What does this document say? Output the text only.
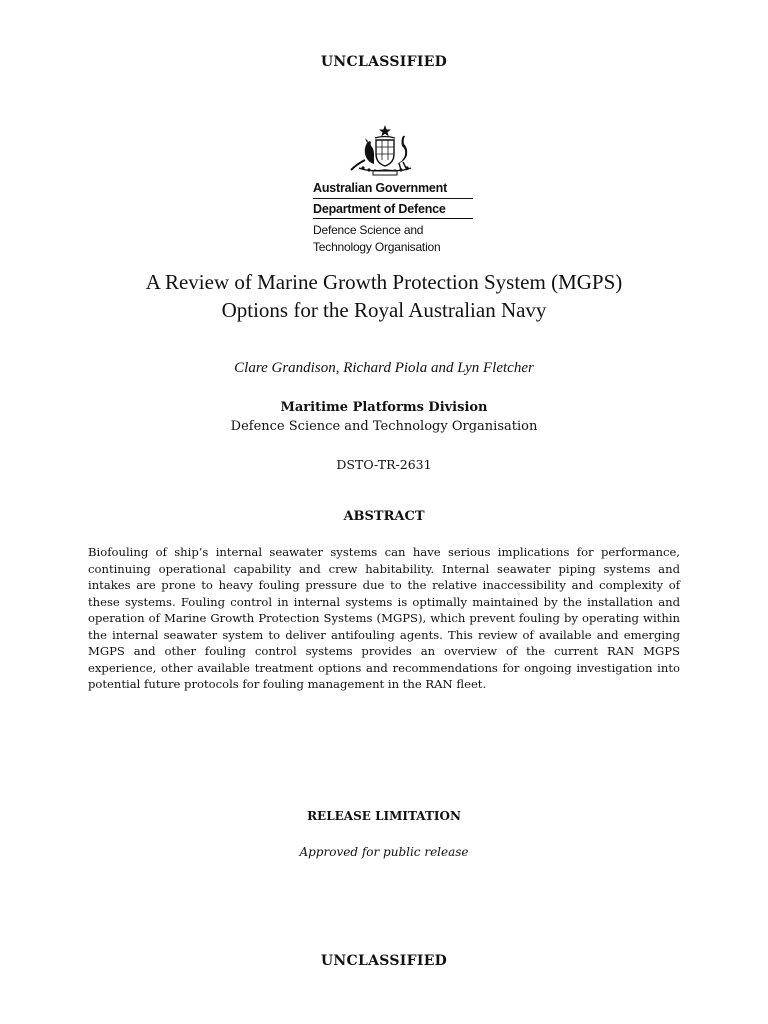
UNCLASSIFIED
Australian Government
Department of Defence
Defence Science and
Technology Organisation
A Review of Marine Growth Protection System (MGPS)
Options for the Royal Australian Navy
Clare Grandison, Richard Piola and Lyn Fletcher
Maritime Platforms Division
Defence Science and Technology Organisation
DSTO-TR-2631
ABSTRACT
Biofouling of ship’s internal seawater systems can have serious implications for performance, continuing operational capability and crew habitability. Internal seawater piping systems and intakes are prone to heavy fouling pressure due to the relative inaccessibility and complexity of these systems. Fouling control in internal systems is optimally maintained by the installation and operation of Marine Growth Protection Systems (MGPS), which prevent fouling by operating within the internal seawater system to deliver antifouling agents. This review of available and emerging MGPS and other fouling control systems provides an overview of the current RAN MGPS experience, other available treatment options and recommendations for ongoing investigation into potential future protocols for fouling management in the RAN fleet.
RELEASE LIMITATION
Approved for public release
UNCLASSIFIED
